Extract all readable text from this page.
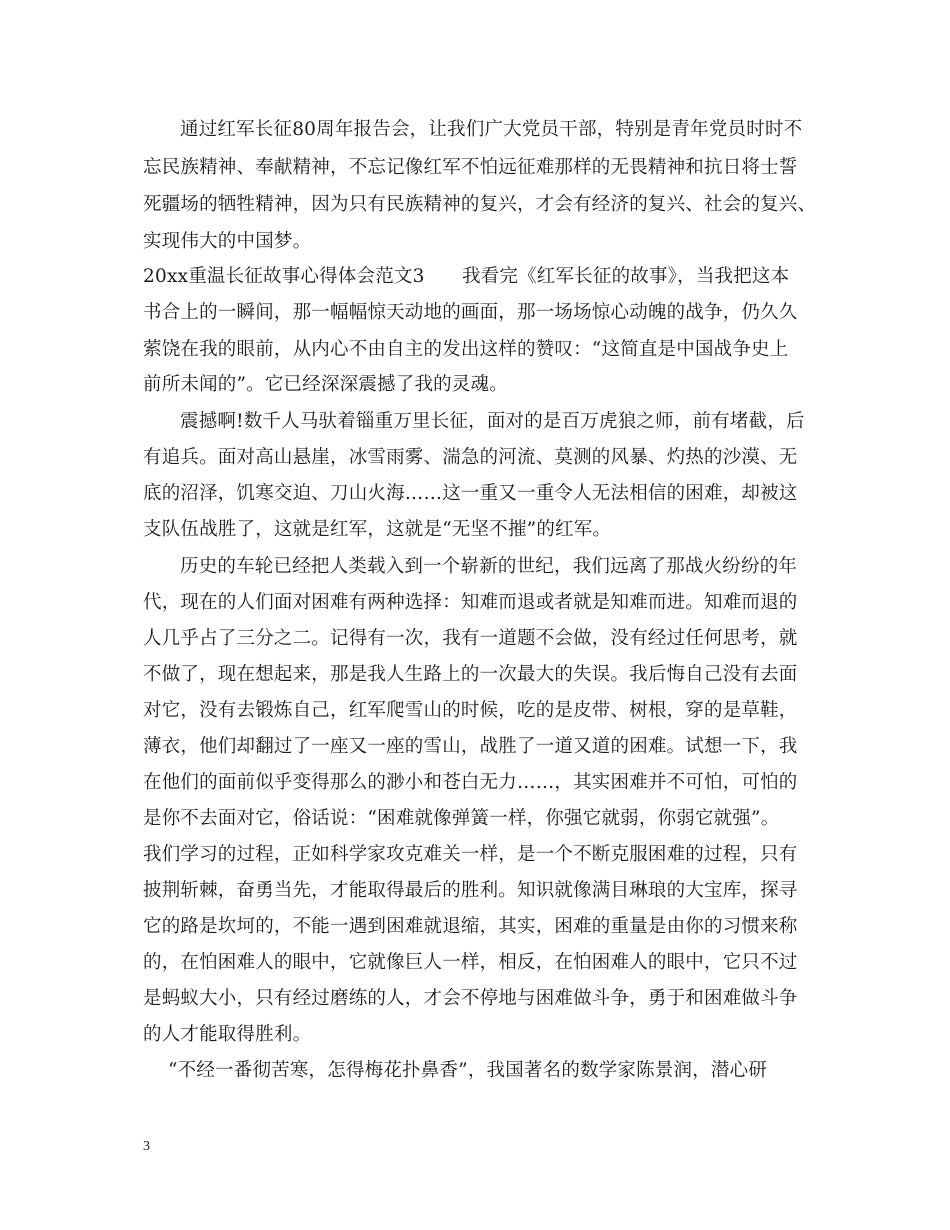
通过红军长征80周年报告会，让我们广大党员干部，特别是青年党员时时不
忘民族精神、奉献精神，不忘记像红军不怕远征难那样的无畏精神和抗日将士誓
死疆场的牺牲精神，因为只有民族精神的复兴，才会有经济的复兴、社会的复兴、
实现伟大的中国梦。
20xx重温长征故事心得体会范文3　　我看完《红军长征的故事》，当我把这本
书合上的一瞬间，那一幅幅惊天动地的画面，那一场场惊心动魄的战争，仍久久
萦饶在我的眼前，从内心不由自主的发出这样的赞叹：“这简直是中国战争史上
前所未闻的”。它已经深深震撼了我的灵魂。
震撼啊!数千人马驮着锱重万里长征，面对的是百万虎狼之师，前有堵截，后
有追兵。面对高山悬崖，冰雪雨雾、湍急的河流、莫测的风暴、灼热的沙漠、无
底的沼泽，饥寒交迫、刀山火海……这一重又一重令人无法相信的困难，却被这
支队伍战胜了，这就是红军，这就是“无坚不摧”的红军。
历史的车轮已经把人类载入到一个崭新的世纪，我们远离了那战火纷纷的年
代，现在的人们面对困难有两种选择：知难而退或者就是知难而进。知难而退的
人几乎占了三分之二。记得有一次，我有一道题不会做，没有经过任何思考，就
不做了，现在想起来，那是我人生路上的一次最大的失误。我后悔自己没有去面
对它，没有去锻炼自己，红军爬雪山的时候，吃的是皮带、树根，穿的是草鞋，
薄衣，他们却翻过了一座又一座的雪山，战胜了一道又道的困难。试想一下，我
在他们的面前似乎变得那么的渺小和苍白无力……，其实困难并不可怕，可怕的
是你不去面对它，俗话说：“困难就像弹簧一样，你强它就弱，你弱它就强”。
我们学习的过程，正如科学家攻克难关一样，是一个不断克服困难的过程，只有
披荆斩棘，奋勇当先，才能取得最后的胜利。知识就像满目琳琅的大宝库，探寻
它的路是坎坷的，不能一遇到困难就退缩，其实，困难的重量是由你的习惯来称
的，在怕困难人的眼中，它就像巨人一样，相反，在怕困难人的眼中，它只不过
是蚂蚁大小，只有经过磨练的人，才会不停地与困难做斗争，勇于和困难做斗争
的人才能取得胜利。
“不经一番彻苦寒，怎得梅花扑鼻香”，我国著名的数学家陈景润，潜心研
3
